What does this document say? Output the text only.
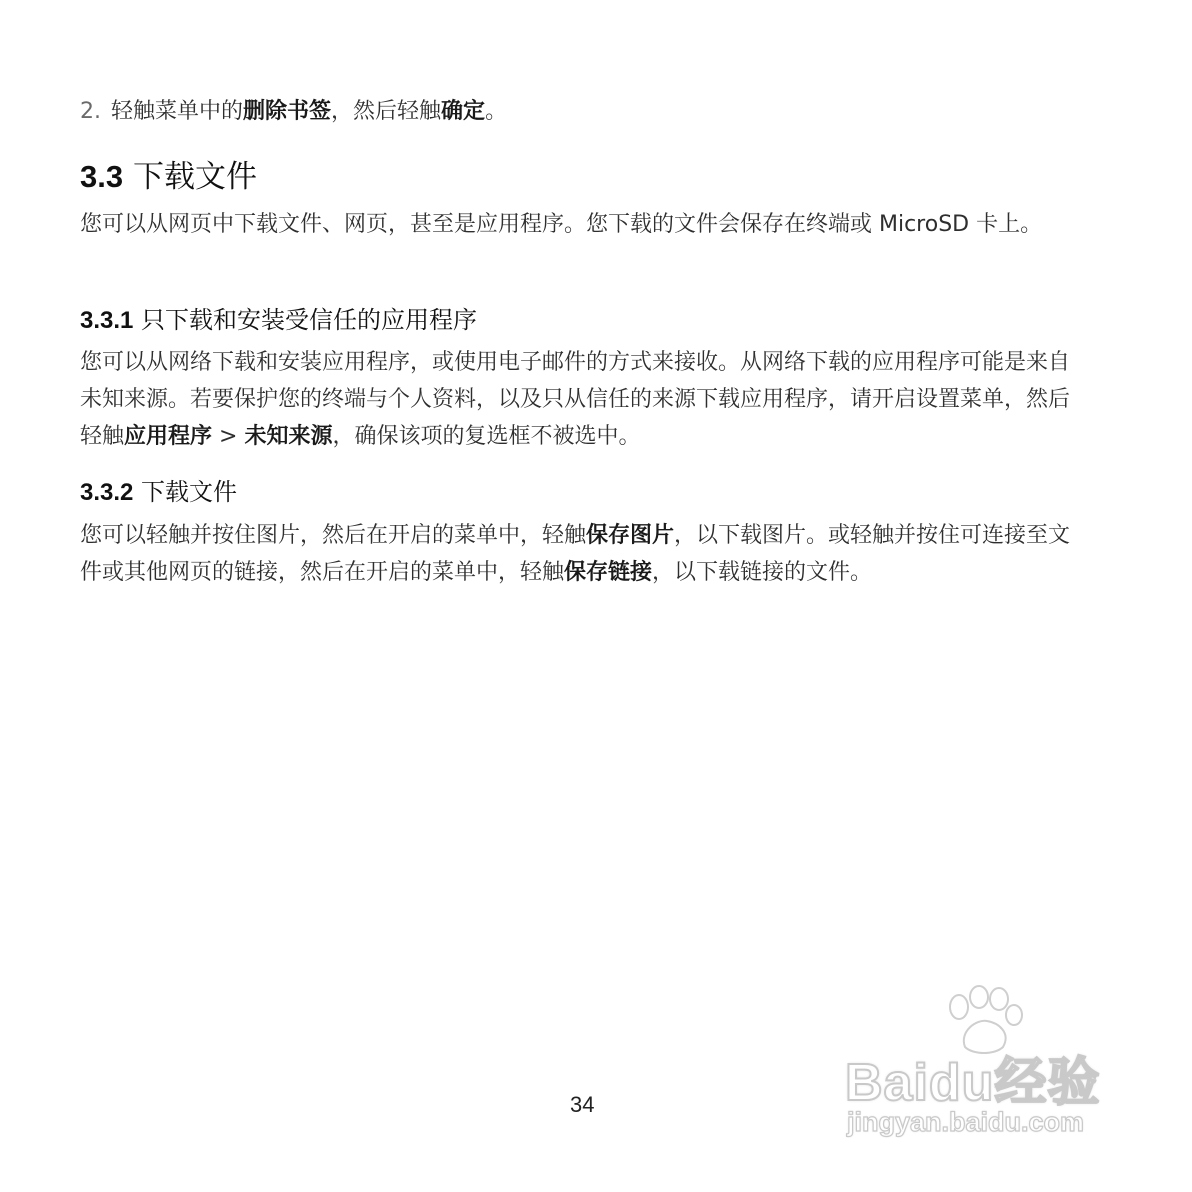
2. 轻触菜单中的删除书签，然后轻触确定。
3.3 下载文件

您可以从网页中下载文件、网页，甚至是应用程序。您下载的文件会保存在终端或 MicroSD 卡上。

3.3.1 只下载和安装受信任的应用程序

您可以从网络下载和安装应用程序，或使用电子邮件的方式来接收。从网络下载的应用程序可能是来自未知来源。若要保护您的终端与个人资料，以及只从信任的来源下载应用程序，请开启设置菜单，然后轻触应用程序 > 未知来源，确保该项的复选框不被选中。

3.3.2 下载文件

您可以轻触并按住图片，然后在开启的菜单中，轻触保存图片，以下载图片。或轻触并按住可连接至文件或其他网页的链接，然后在开启的菜单中，轻触保存链接，以下载链接的文件。

34	Baidu经验
jingyan.baidu.com
